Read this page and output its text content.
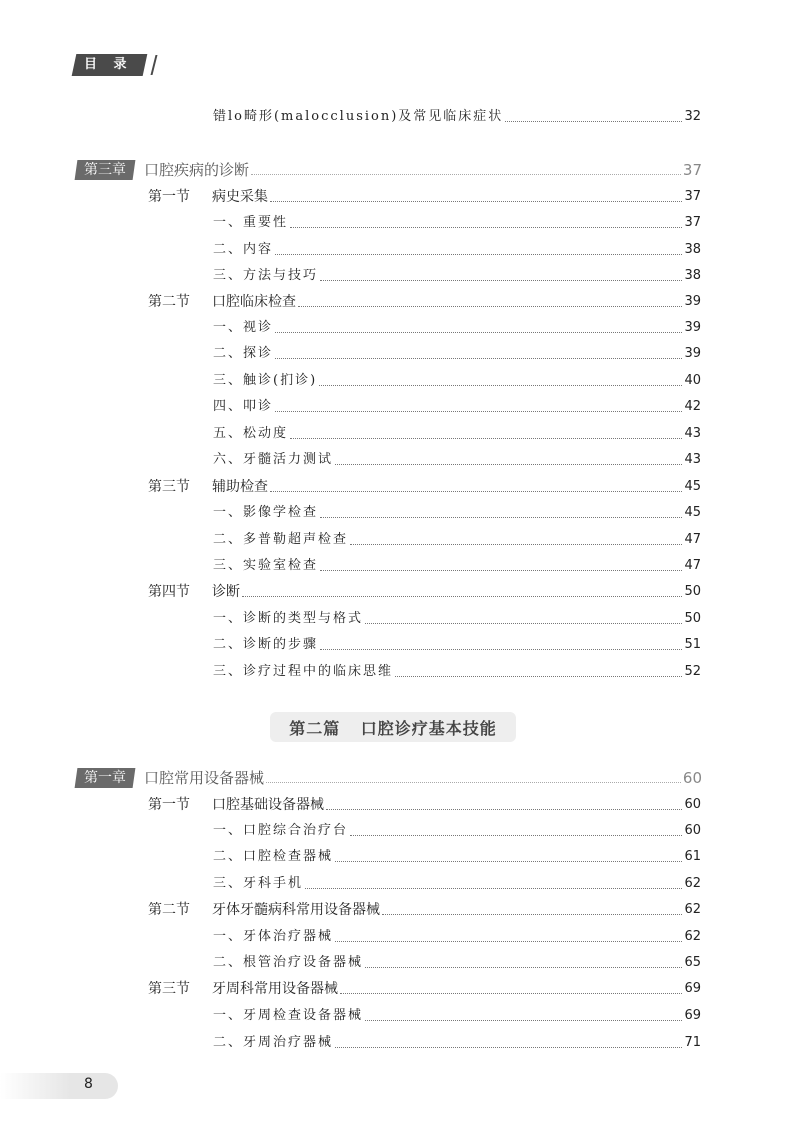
目 录
错lo畸形(malocclusion)及常见临床症状	32
第三章	口腔疾病的诊断	37
第一节	病史采集	37
一、重要性	37
二、内容	38
三、方法与技巧	38
第二节	口腔临床检查	39
一、视诊	39
二、探诊	39
三、触诊(扪诊)	40
四、叩诊	42
五、松动度	43
六、牙髓活力测试	43
第三节	辅助检查	45
一、影像学检查	45
二、多普勒超声检查	47
三、实验室检查	47
第四节	诊断	50
一、诊断的类型与格式	50
二、诊断的步骤	51
三、诊疗过程中的临床思维	52
第二篇 口腔诊疗基本技能
第一章	口腔常用设备器械	60
第一节	口腔基础设备器械	60
一、口腔综合治疗台	60
二、口腔检查器械	61
三、牙科手机	62
第二节	牙体牙髓病科常用设备器械	62
一、牙体治疗器械	62
二、根管治疗设备器械	65
第三节	牙周科常用设备器械	69
一、牙周检查设备器械	69
二、牙周治疗器械	71
8
